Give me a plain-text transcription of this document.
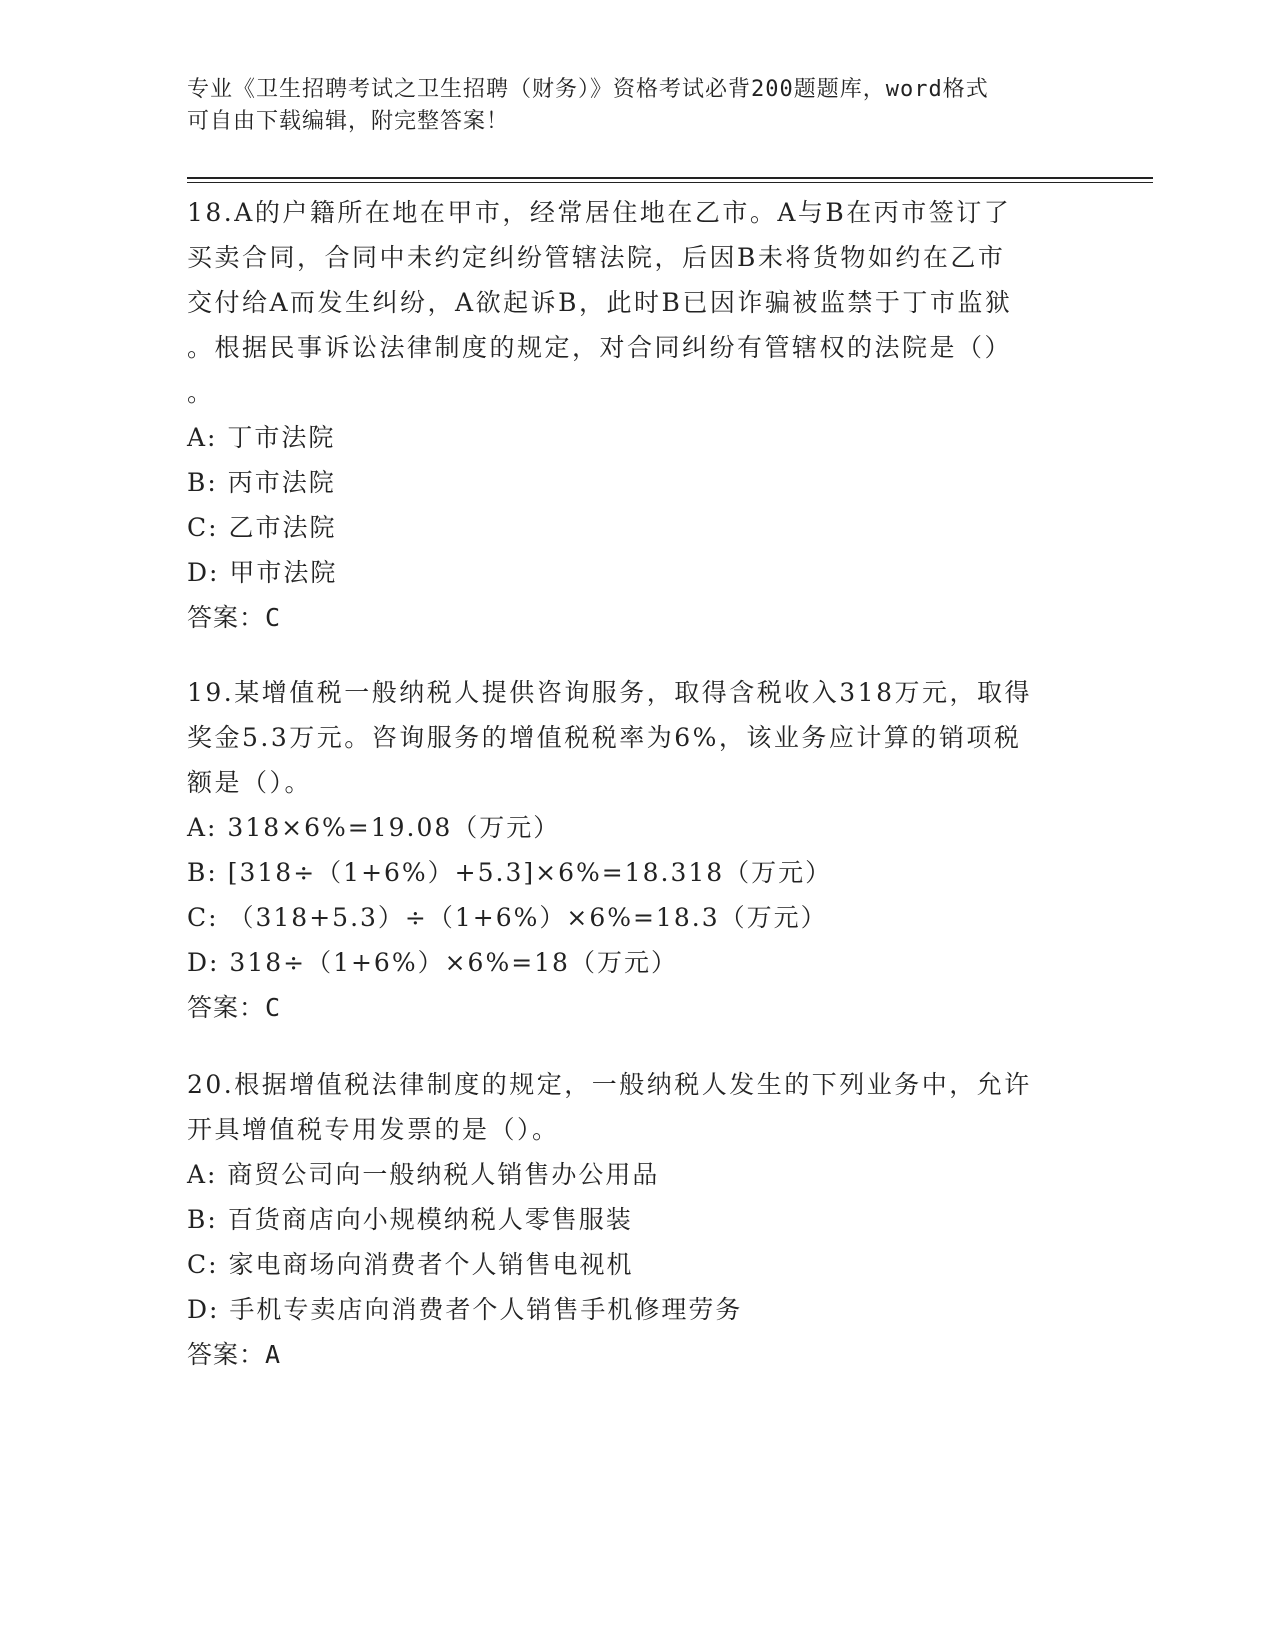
专业《卫生招聘考试之卫生招聘（财务）》资格考试必背200题题库，word格式
可自由下载编辑，附完整答案！

18.A的户籍所在地在甲市，经常居住地在乙市。A与B在丙市签订了

买卖合同，合同中未约定纠纷管辖法院，后因B未将货物如约在乙市

交付给A而发生纠纷，A欲起诉B，此时B已因诈骗被监禁于丁市监狱

。根据民事诉讼法律制度的规定，对合同纠纷有管辖权的法院是（）

。

A: 丁市法院

B: 丙市法院

C: 乙市法院

D: 甲市法院

答案：C

19.某增值税一般纳税人提供咨询服务，取得含税收入318万元，取得

奖金5.3万元。咨询服务的增值税税率为6%，该业务应计算的销项税

额是（）。

A: 318×6%=19.08（万元）

B: [318÷（1+6%）+5.3]×6%=18.318（万元）

C: （318+5.3）÷（1+6%）×6%=18.3（万元）

D: 318÷（1+6%）×6%=18（万元）

答案：C

20.根据增值税法律制度的规定，一般纳税人发生的下列业务中，允许

开具增值税专用发票的是（）。

A: 商贸公司向一般纳税人销售办公用品

B: 百货商店向小规模纳税人零售服装

C: 家电商场向消费者个人销售电视机

D: 手机专卖店向消费者个人销售手机修理劳务

答案：A
